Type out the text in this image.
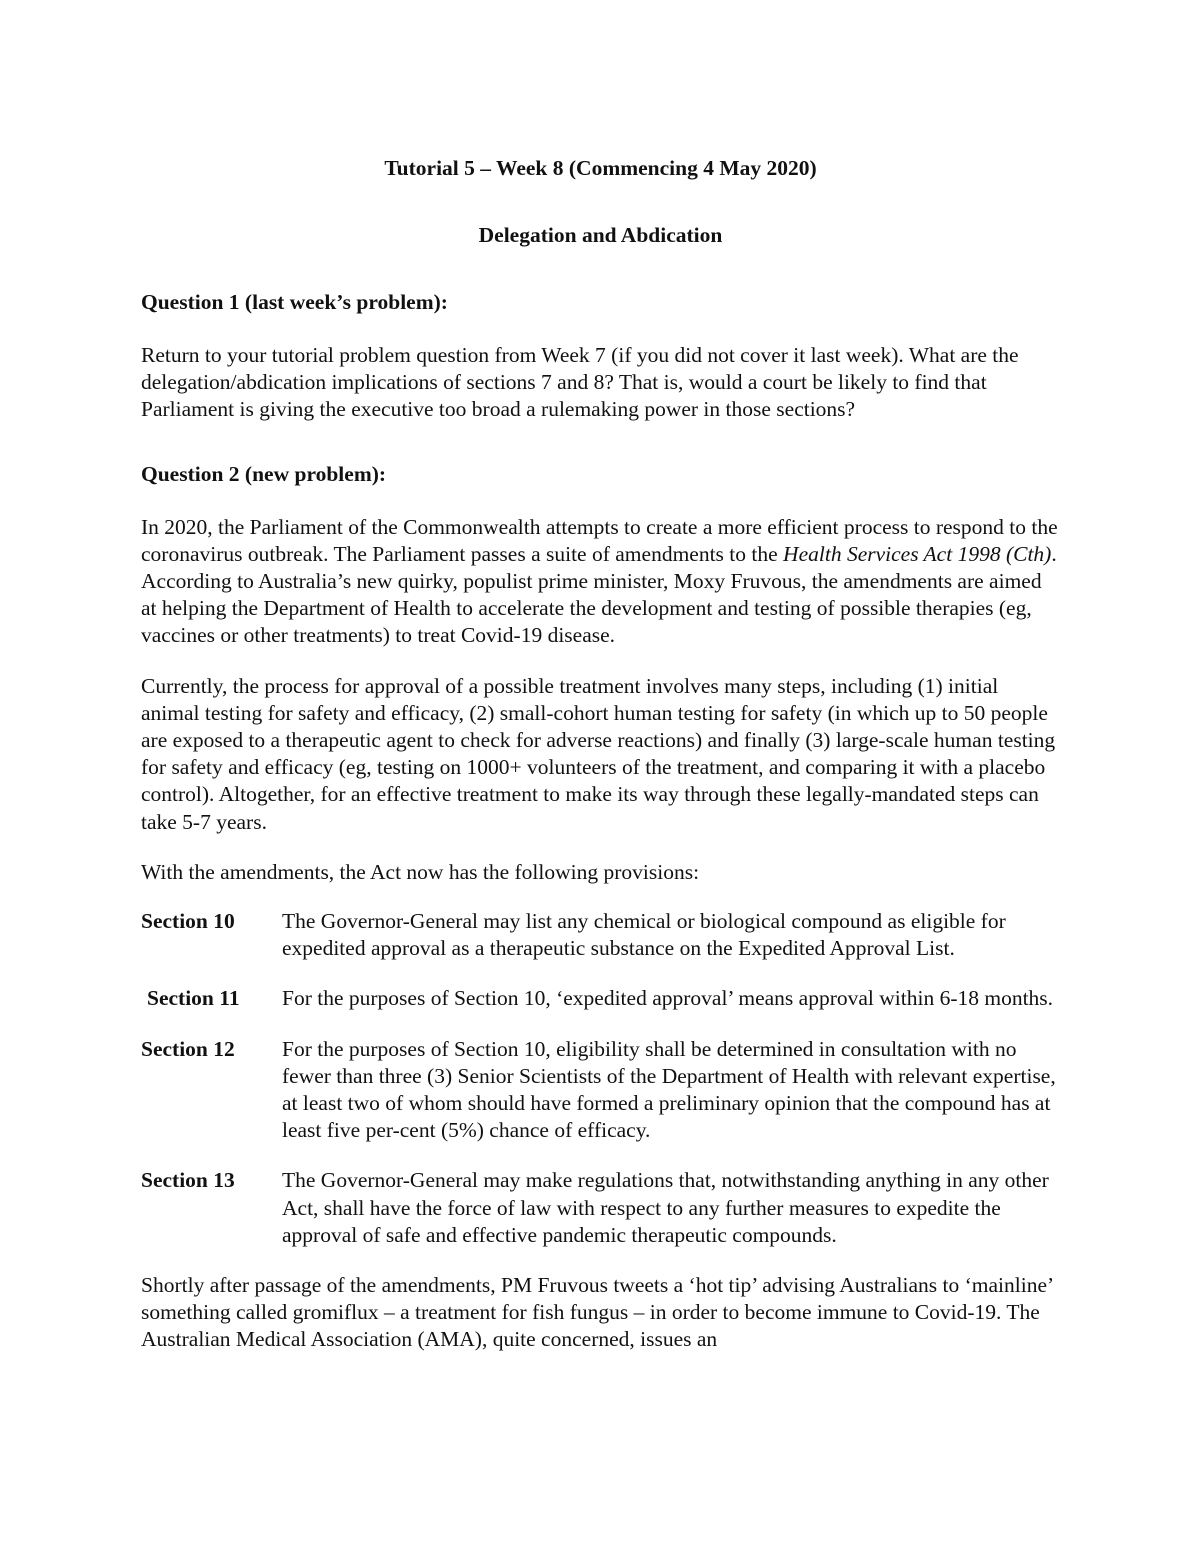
Tutorial 5 – Week 8 (Commencing 4 May 2020)

Delegation and Abdication

Question 1 (last week’s problem):

Return to your tutorial problem question from Week 7 (if you did not cover it last week). What are the delegation/abdication implications of sections 7 and 8? That is, would a court be likely to find that Parliament is giving the executive too broad a rulemaking power in those sections?

Question 2 (new problem):

In 2020, the Parliament of the Commonwealth attempts to create a more efficient process to respond to the coronavirus outbreak. The Parliament passes a suite of amendments to the Health Services Act 1998 (Cth). According to Australia’s new quirky, populist prime minister, Moxy Fruvous, the amendments are aimed at helping the Department of Health to accelerate the development and testing of possible therapies (eg, vaccines or other treatments) to treat Covid-19 disease.

Currently, the process for approval of a possible treatment involves many steps, including (1) initial animal testing for safety and efficacy, (2) small-cohort human testing for safety (in which up to 50 people are exposed to a therapeutic agent to check for adverse reactions) and finally (3) large-scale human testing for safety and efficacy (eg, testing on 1000+ volunteers of the treatment, and comparing it with a placebo control). Altogether, for an effective treatment to make its way through these legally-mandated steps can take 5-7 years.

With the amendments, the Act now has the following provisions:

Section 10	The Governor-General may list any chemical or biological compound as eligible for expedited approval as a therapeutic substance on the Expedited Approval List.
Section 11	For the purposes of Section 10, ‘expedited approval’ means approval within 6-18 months.
Section 12	For the purposes of Section 10, eligibility shall be determined in consultation with no fewer than three (3) Senior Scientists of the Department of Health with relevant expertise, at least two of whom should have formed a preliminary opinion that the compound has at least five per-cent (5%) chance of efficacy.
Section 13	The Governor-General may make regulations that, notwithstanding anything in any other Act, shall have the force of law with respect to any further measures to expedite the approval of safe and effective pandemic therapeutic compounds.

Shortly after passage of the amendments, PM Fruvous tweets a ‘hot tip’ advising Australians to ‘mainline’ something called gromiflux – a treatment for fish fungus – in order to become immune to Covid-19. The Australian Medical Association (AMA), quite concerned, issues an
